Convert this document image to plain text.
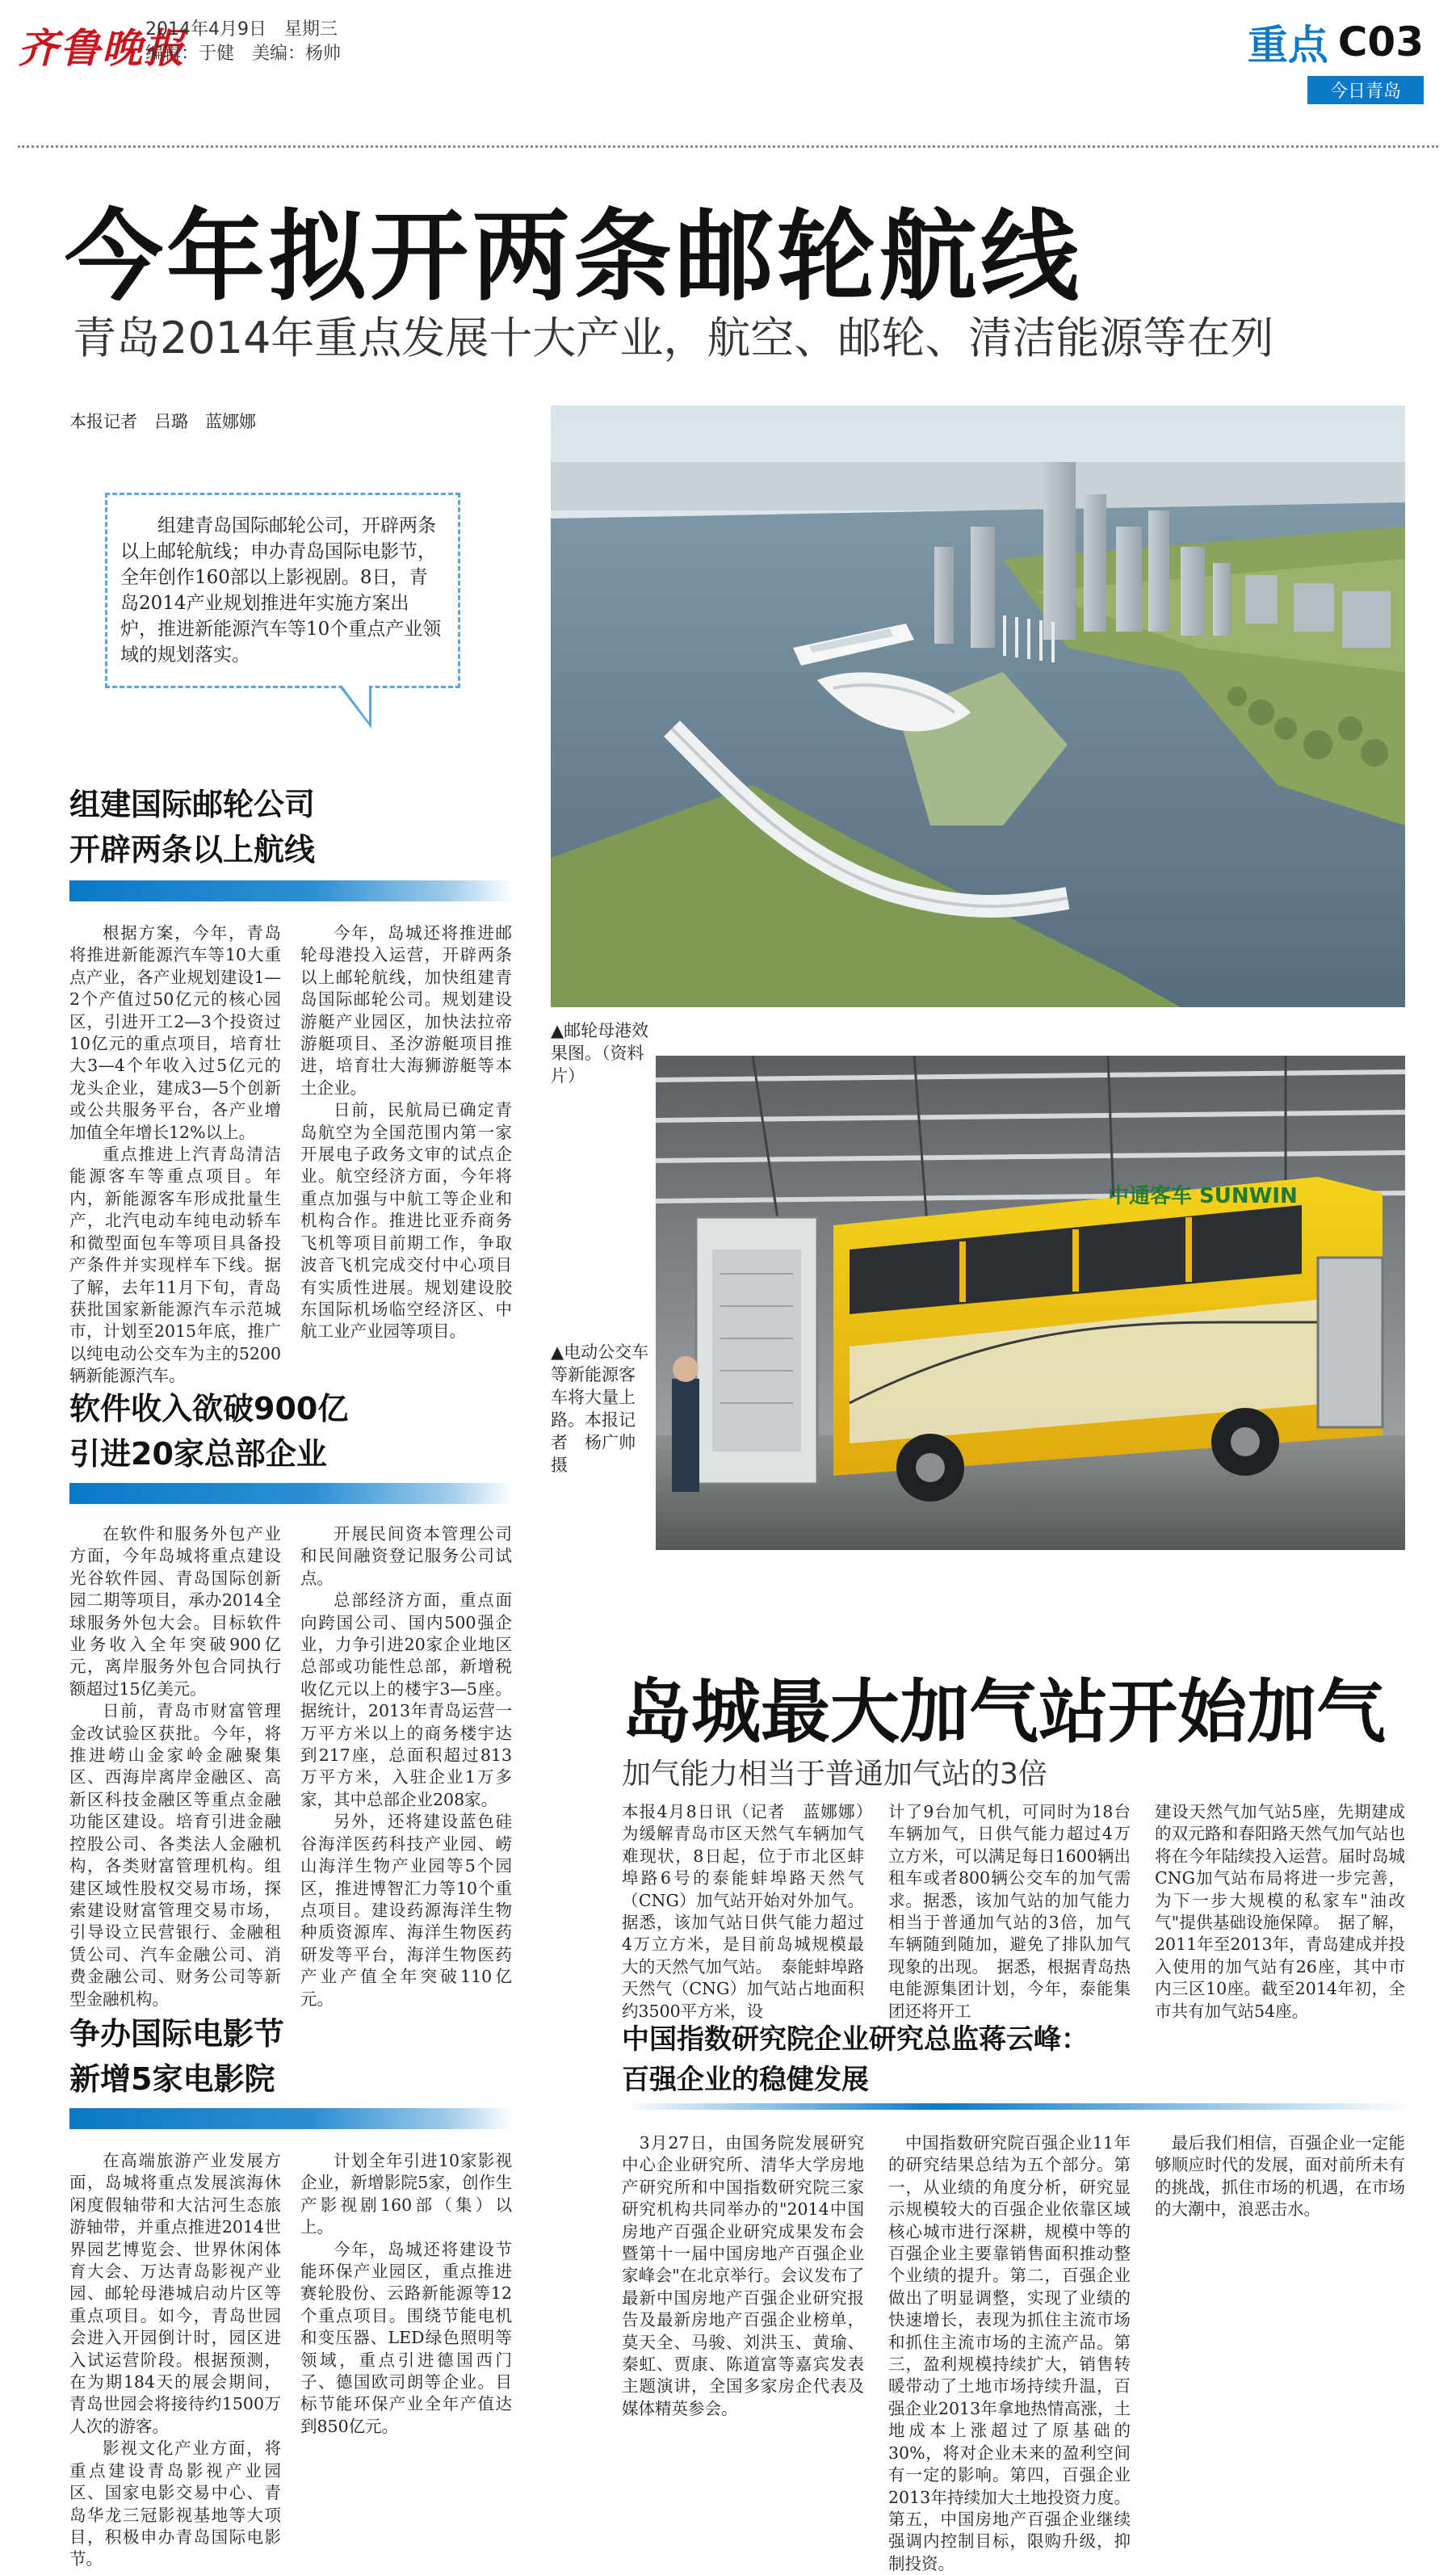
齐鲁晚报
2014年4月9日　星期三
编辑：于健　美编：杨帅	重点 C03
今日青岛
今年拟开两条邮轮航线
青岛2014年重点发展十大产业，航空、邮轮、清洁能源等在列
本报记者　吕璐　蓝娜娜

组建青岛国际邮轮公司，开辟两条以上邮轮航线；申办青岛国际电影节，全年创作160部以上影视剧。8日，青岛2014产业规划推进年实施方案出炉，推进新能源汽车等10个重点产业领域的规划落实。

组建国际邮轮公司
开辟两条以上航线

根据方案，今年，青岛将推进新能源汽车等10大重点产业，各产业规划建设1—2个产值过50亿元的核心园区，引进开工2—3个投资过10亿元的重点项目，培育壮大3—4个年收入过5亿元的龙头企业，建成3—5个创新或公共服务平台，各产业增加值全年增长12%以上。

重点推进上汽青岛清洁能源客车等重点项目。年内，新能源客车形成批量生产，北汽电动车纯电动轿车和微型面包车等项目具备投产条件并实现样车下线。据了解，去年11月下旬，青岛获批国家新能源汽车示范城市，计划至2015年底，推广以纯电动公交车为主的5200辆新能源汽车。

今年，岛城还将推进邮轮母港投入运营，开辟两条以上邮轮航线，加快组建青岛国际邮轮公司。规划建设游艇产业园区，加快法拉帝游艇项目、圣汐游艇项目推进，培育壮大海狮游艇等本土企业。

日前，民航局已确定青岛航空为全国范围内第一家开展电子政务文审的试点企业。航空经济方面，今年将重点加强与中航工等企业和机构合作。推进比亚乔商务飞机等项目前期工作，争取波音飞机完成交付中心项目有实质性进展。规划建设胶东国际机场临空经济区、中航工业产业园等项目。

软件收入欲破900亿
引进20家总部企业

在软件和服务外包产业方面，今年岛城将重点建设光谷软件园、青岛国际创新园二期等项目，承办2014全球服务外包大会。目标软件业务收入全年突破900亿元，离岸服务外包合同执行额超过15亿美元。

日前，青岛市财富管理金改试验区获批。今年，将推进崂山金家岭金融聚集区、西海岸离岸金融区、高新区科技金融区等重点金融功能区建设。培育引进金融控股公司、各类法人金融机构，各类财富管理机构。组建区域性股权交易市场，探索建设财富管理交易市场，引导设立民营银行、金融租赁公司、汽车金融公司、消费金融公司、财务公司等新型金融机构。

开展民间资本管理公司和民间融资登记服务公司试点。

总部经济方面，重点面向跨国公司、国内500强企业，力争引进20家企业地区总部或功能性总部，新增税收亿元以上的楼宇3—5座。据统计，2013年青岛运营一万平方米以上的商务楼宇达到217座，总面积超过813万平方米，入驻企业1万多家，其中总部企业208家。

另外，还将建设蓝色硅谷海洋医药科技产业园、崂山海洋生物产业园等5个园区，推进博智汇力等10个重点项目。建设药源海洋生物种质资源库、海洋生物医药研发等平台，海洋生物医药产业产值全年突破110亿元。

争办国际电影节
新增5家电影院

在高端旅游产业发展方面，岛城将重点发展滨海休闲度假轴带和大沽河生态旅游轴带，并重点推进2014世界园艺博览会、世界休闲体育大会、万达青岛影视产业园、邮轮母港城启动片区等重点项目。如今，青岛世园会进入开园倒计时，园区进入试运营阶段。根据预测，在为期184天的展会期间，青岛世园会将接待约1500万人次的游客。

影视文化产业方面，将重点建设青岛影视产业园区、国家电影交易中心、青岛华龙三冠影视基地等大项目，积极申办青岛国际电影节。

计划全年引进10家影视企业，新增影院5家，创作生产影视剧160部（集）以上。

今年，岛城还将建设节能环保产业园区，重点推进赛轮股份、云路新能源等12个重点项目。围绕节能电机和变压器、LED绿色照明等领域，重点引进德国西门子、德国欧司朗等企业。目标节能环保产业全年产值达到850亿元。

▲邮轮母港效果图。（资料片）
中通客车 SUNWIN
▲电动公交车等新能源客车将大量上路。本报记者　杨广帅　摄
岛城最大加气站开始加气
加气能力相当于普通加气站的3倍
本报4月8日讯（记者　蓝娜娜）　为缓解青岛市区天然气车辆加气难现状，8日起，位于市北区蚌埠路6号的泰能蚌埠路天然气（CNG）加气站开始对外加气。据悉，该加气站日供气能力超过4万立方米，是目前岛城规模最大的天然气加气站。　泰能蚌埠路天然气（CNG）加气站占地面积约3500平方米，设
计了9台加气机，可同时为18台车辆加气，日供气能力超过4万立方米，可以满足每日1600辆出租车或者800辆公交车的加气需求。据悉，该加气站的加气能力相当于普通加气站的3倍，加气车辆随到随加，避免了排队加气现象的出现。　据悉，根据青岛热电能源集团计划，今年，泰能集团还将开工
建设天然气加气站5座，先期建成的双元路和春阳路天然气加气站也将在今年陆续投入运营。届时岛城CNG加气站布局将进一步完善，为下一步大规模的私家车"油改气"提供基础设施保障。　据了解，2011年至2013年，青岛建成并投入使用的加气站有26座，其中市内三区10座。截至2014年初，全市共有加气站54座。
中国指数研究院企业研究总监蒋云峰：
百强企业的稳健发展
　3月27日，由国务院发展研究中心企业研究所、清华大学房地产研究所和中国指数研究院三家研究机构共同举办的"2014中国房地产百强企业研究成果发布会暨第十一届中国房地产百强企业家峰会"在北京举行。会议发布了最新中国房地产百强企业研究报告及最新房地产百强企业榜单，莫天全、马骏、刘洪玉、黄瑜、秦虹、贾康、陈道富等嘉宾发表主题演讲，全国多家房企代表及媒体精英参会。
　中国指数研究院百强企业11年的研究结果总结为五个部分。第一，从业绩的角度分析，研究显示规模较大的百强企业依靠区域核心城市进行深耕，规模中等的百强企业主要靠销售面积推动整个业绩的提升。第二，百强企业做出了明显调整，实现了业绩的快速增长，表现为抓住主流市场和抓住主流市场的主流产品。第三，盈利规模持续扩大，销售转暖带动了土地市场持续升温，百强企业2013年拿地热情高涨，土地成本上涨超过了原基础的30%，将对企业未来的盈利空间有一定的影响。第四，百强企业2013年持续加大土地投资力度。第五，中国房地产百强企业继续强调内控制目标，限购升级，抑制投资。
　最后我们相信，百强企业一定能够顺应时代的发展，面对前所未有的挑战，抓住市场的机遇，在市场的大潮中，浪恶击水。
